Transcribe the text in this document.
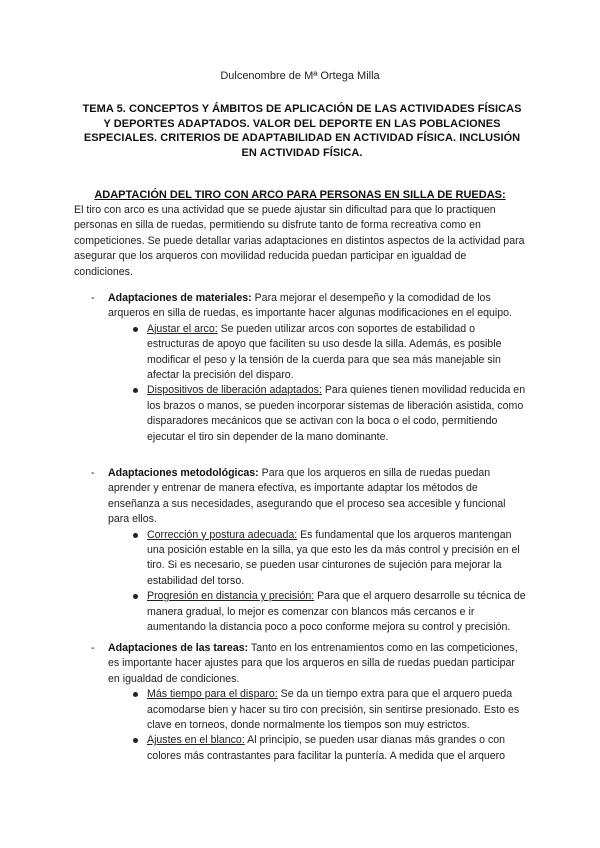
Dulcenombre de Mª Ortega Milla
TEMA 5. CONCEPTOS Y ÁMBITOS DE APLICACIÓN DE LAS ACTIVIDADES FÍSICAS Y DEPORTES ADAPTADOS. VALOR DEL DEPORTE EN LAS POBLACIONES ESPECIALES. CRITERIOS DE ADAPTABILIDAD EN ACTIVIDAD FÍSICA. INCLUSIÓN EN ACTIVIDAD FÍSICA.
ADAPTACIÓN DEL TIRO CON ARCO PARA PERSONAS EN SILLA DE RUEDAS:
El tiro con arco es una actividad que se puede ajustar sin dificultad para que lo practiquen personas en silla de ruedas, permitiendo su disfrute tanto de forma recreativa como en competiciones. Se puede detallar varias adaptaciones en distintos aspectos de la actividad para asegurar que los arqueros con movilidad reducida puedan participar en igualdad de condiciones.
- Adaptaciones de materiales: Para mejorar el desempeño y la comodidad de los arqueros en silla de ruedas, es importante hacer algunas modificaciones en el equipo.
Ajustar el arco: Se pueden utilizar arcos con soportes de estabilidad o estructuras de apoyo que faciliten su uso desde la silla. Además, es posible modificar el peso y la tensión de la cuerda para que sea más manejable sin afectar la precisión del disparo.
Dispositivos de liberación adaptados: Para quienes tienen movilidad reducida en los brazos o manos, se pueden incorporar sistemas de liberación asistida, como disparadores mecánicos que se activan con la boca o el codo, permitiendo ejecutar el tiro sin depender de la mano dominante.
- Adaptaciones metodológicas: Para que los arqueros en silla de ruedas puedan aprender y entrenar de manera efectiva, es importante adaptar los métodos de enseñanza a sus necesidades, asegurando que el proceso sea accesible y funcional para ellos.
Corrección y postura adecuada: Es fundamental que los arqueros mantengan una posición estable en la silla, ya que esto les da más control y precisión en el tiro. Si es necesario, se pueden usar cinturones de sujeción para mejorar la estabilidad del torso.
Progresión en distancia y precisión: Para que el arquero desarrolle su técnica de manera gradual, lo mejor es comenzar con blancos más cercanos e ir aumentando la distancia poco a poco conforme mejora su control y precisión.
- Adaptaciones de las tareas: Tanto en los entrenamientos como en las competiciones, es importante hacer ajustes para que los arqueros en silla de ruedas puedan participar en igualdad de condiciones.
Más tiempo para el disparo: Se da un tiempo extra para que el arquero pueda acomodarse bien y hacer su tiro con precisión, sin sentirse presionado. Esto es clave en torneos, donde normalmente los tiempos son muy estrictos.
Ajustes en el blanco: Al principio, se pueden usar dianas más grandes o con colores más contrastantes para facilitar la puntería. A medida que el arquero
